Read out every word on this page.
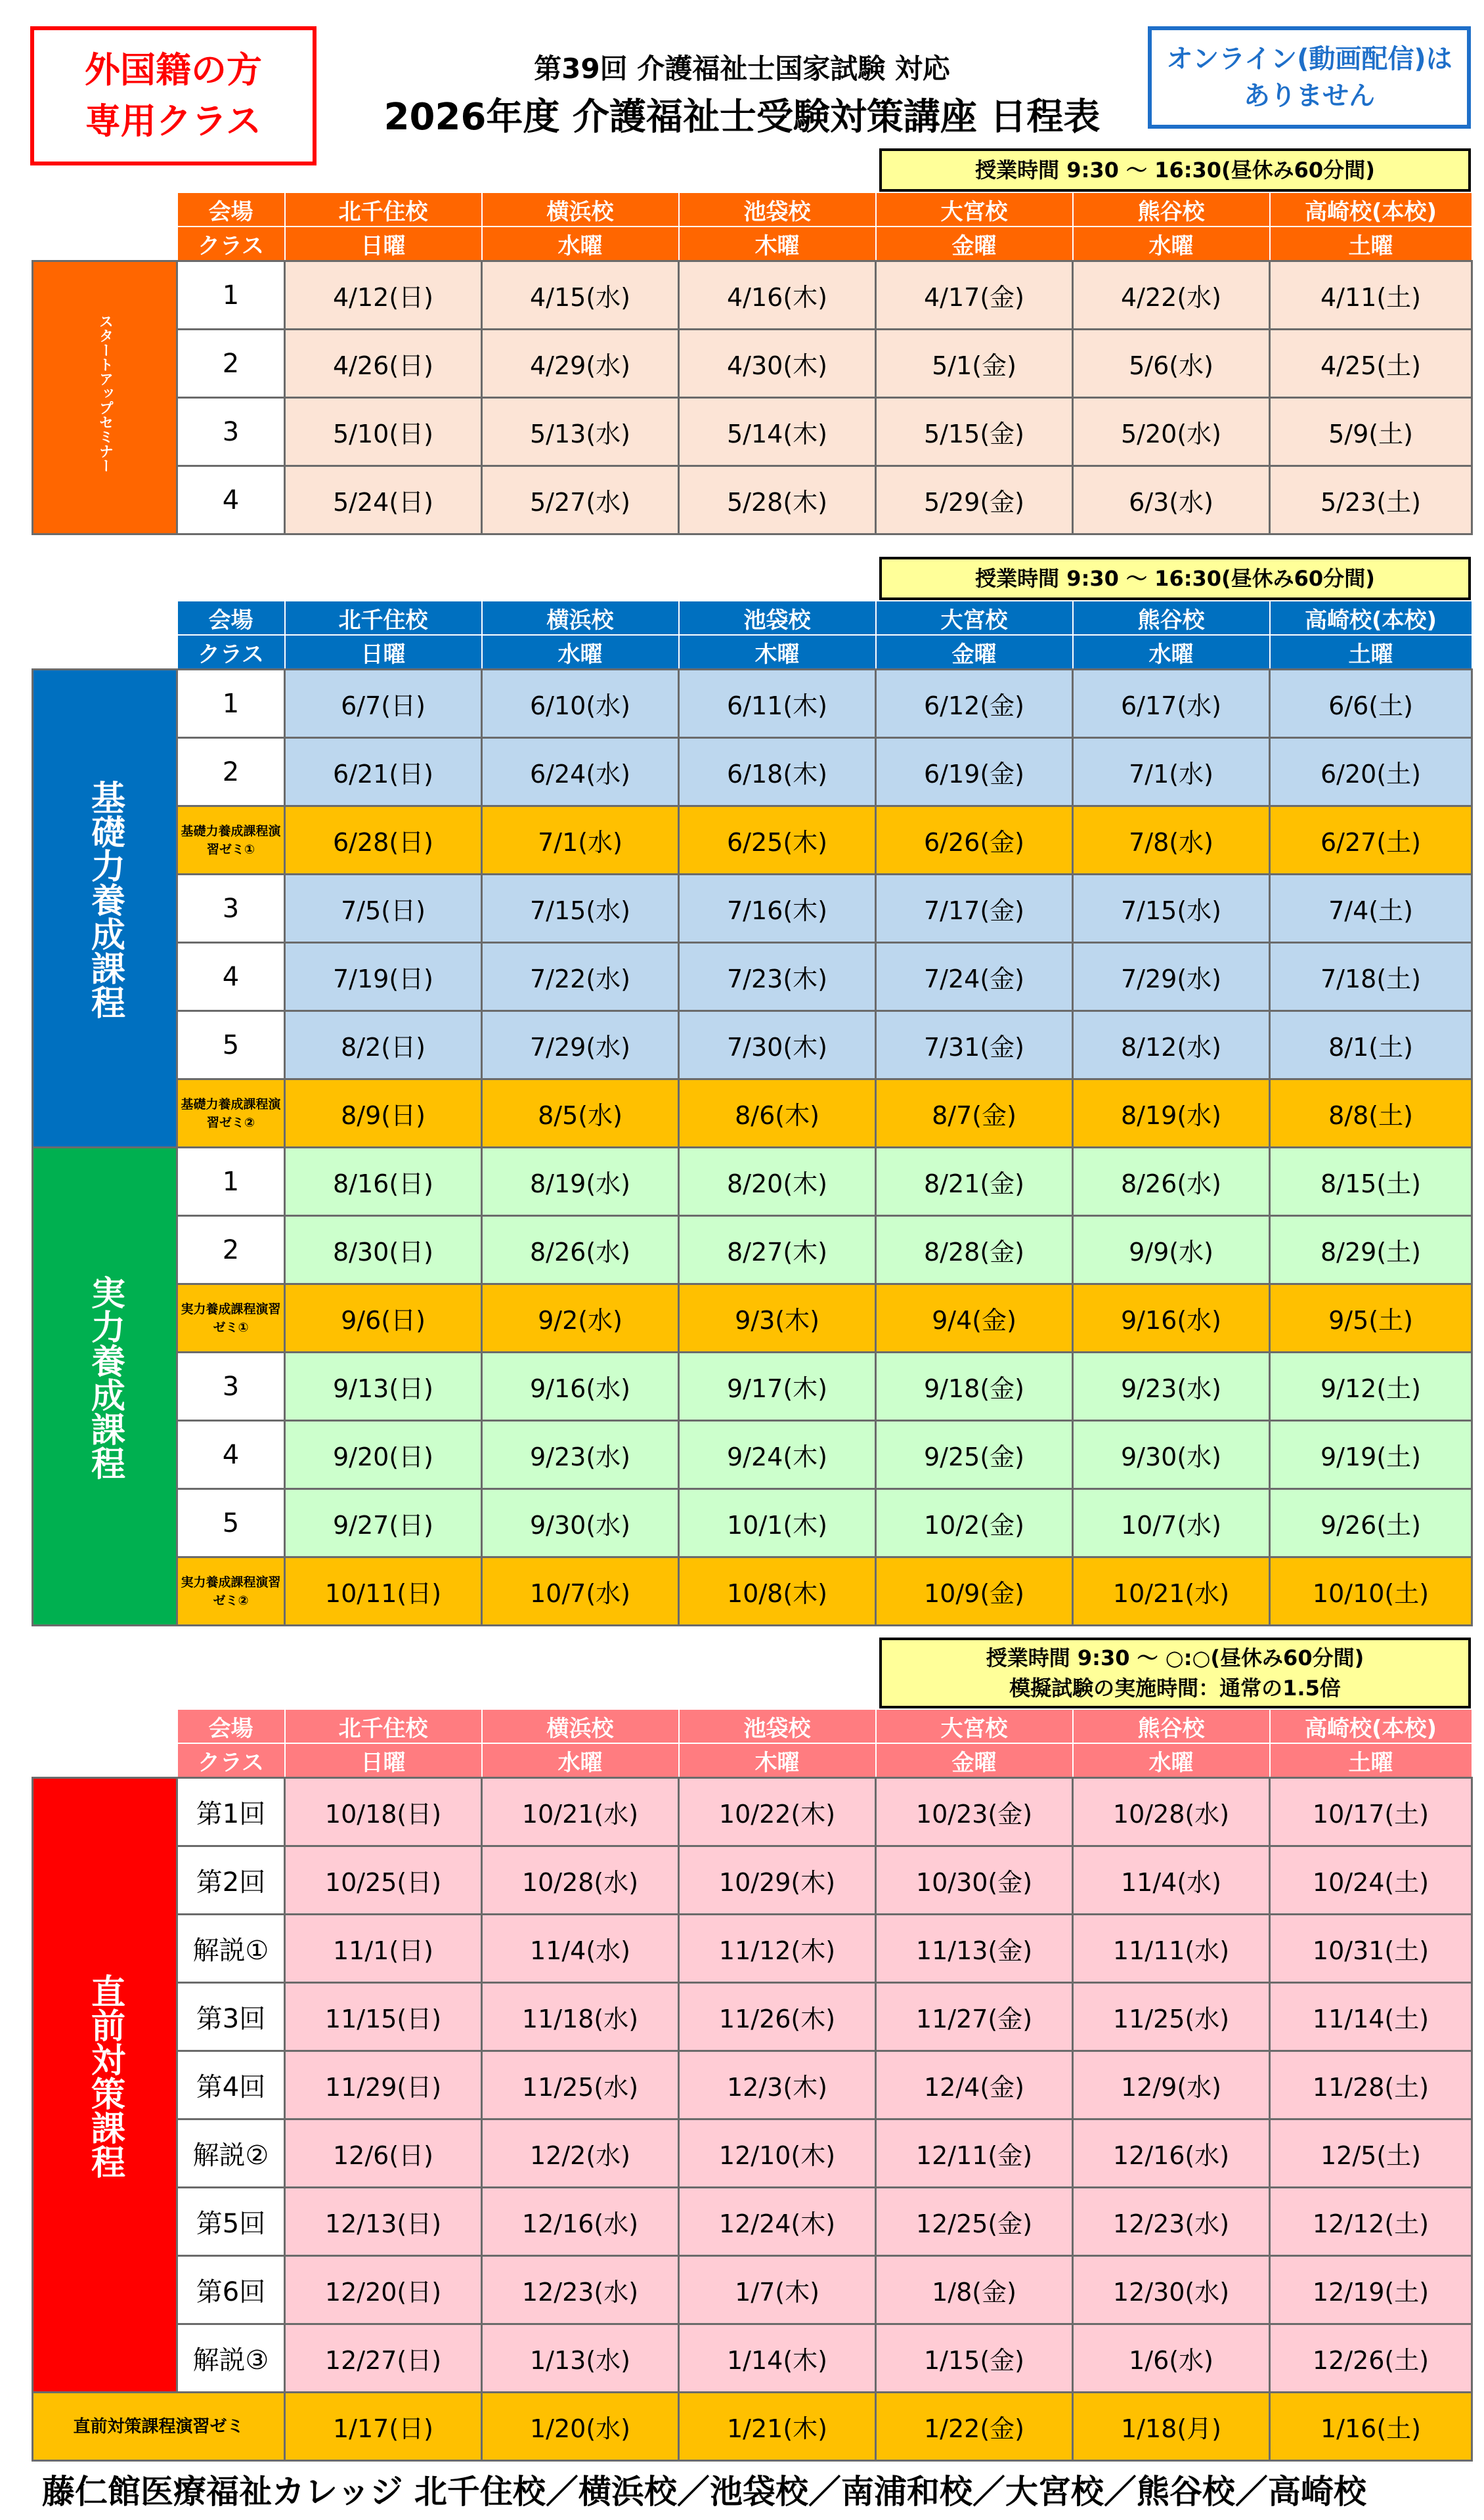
外国籍の方
専用クラス
第39回 介護福祉士国家試験 対応
2026年度 介護福祉士受験対策講座 日程表
オンライン(動画配信)は
ありません
授業時間 9:30 ～ 16:30(昼休み60分間)
	会場	北千住校	横浜校	池袋校	大宮校	熊谷校	高崎校(本校)
	クラス	日曜	水曜	木曜	金曜	水曜	土曜
スタートアップセミナー	1	4/12(日)	4/15(水)	4/16(木)	4/17(金)	4/22(水)	4/11(土)
	2	4/26(日)	4/29(水)	4/30(木)	5/1(金)	5/6(水)	4/25(土)
	3	5/10(日)	5/13(水)	5/14(木)	5/15(金)	5/20(水)	5/9(土)
	4	5/24(日)	5/27(水)	5/28(木)	5/29(金)	6/3(水)	5/23(土)
授業時間 9:30 ～ 16:30(昼休み60分間)
	会場	北千住校	横浜校	池袋校	大宮校	熊谷校	高崎校(本校)
	クラス	日曜	水曜	木曜	金曜	水曜	土曜
基礎力養成課程	1	6/7(日)	6/10(水)	6/11(木)	6/12(金)	6/17(水)	6/6(土)
	2	6/21(日)	6/24(水)	6/18(木)	6/19(金)	7/1(水)	6/20(土)
	基礎力養成課程演習ゼミ①	6/28(日)	7/1(水)	6/25(木)	6/26(金)	7/8(水)	6/27(土)
	3	7/5(日)	7/15(水)	7/16(木)	7/17(金)	7/15(水)	7/4(土)
	4	7/19(日)	7/22(水)	7/23(木)	7/24(金)	7/29(水)	7/18(土)
	5	8/2(日)	7/29(水)	7/30(木)	7/31(金)	8/12(水)	8/1(土)
	基礎力養成課程演習ゼミ②	8/9(日)	8/5(水)	8/6(木)	8/7(金)	8/19(水)	8/8(土)
実力養成課程	1	8/16(日)	8/19(水)	8/20(木)	8/21(金)	8/26(水)	8/15(土)
	2	8/30(日)	8/26(水)	8/27(木)	8/28(金)	9/9(水)	8/29(土)
	実力養成課程演習ゼミ①	9/6(日)	9/2(水)	9/3(木)	9/4(金)	9/16(水)	9/5(土)
	3	9/13(日)	9/16(水)	9/17(木)	9/18(金)	9/23(水)	9/12(土)
	4	9/20(日)	9/23(水)	9/24(木)	9/25(金)	9/30(水)	9/19(土)
	5	9/27(日)	9/30(水)	10/1(木)	10/2(金)	10/7(水)	9/26(土)
	実力養成課程演習ゼミ②	10/11(日)	10/7(水)	10/8(木)	10/9(金)	10/21(水)	10/10(土)
授業時間 9:30 ～ ○:○(昼休み60分間)
模擬試験の実施時間：通常の1.5倍
	会場	北千住校	横浜校	池袋校	大宮校	熊谷校	高崎校(本校)
	クラス	日曜	水曜	木曜	金曜	水曜	土曜
直前対策課程	第1回	10/18(日)	10/21(水)	10/22(木)	10/23(金)	10/28(水)	10/17(土)
	第2回	10/25(日)	10/28(水)	10/29(木)	10/30(金)	11/4(水)	10/24(土)
	解説①	11/1(日)	11/4(水)	11/12(木)	11/13(金)	11/11(水)	10/31(土)
	第3回	11/15(日)	11/18(水)	11/26(木)	11/27(金)	11/25(水)	11/14(土)
	第4回	11/29(日)	11/25(水)	12/3(木)	12/4(金)	12/9(水)	11/28(土)
	解説②	12/6(日)	12/2(水)	12/10(木)	12/11(金)	12/16(水)	12/5(土)
	第5回	12/13(日)	12/16(水)	12/24(木)	12/25(金)	12/23(水)	12/12(土)
	第6回	12/20(日)	12/23(水)	1/7(木)	1/8(金)	12/30(水)	12/19(土)
	解説③	12/27(日)	1/13(水)	1/14(木)	1/15(金)	1/6(水)	12/26(土)
直前対策課程演習ゼミ		1/17(日)	1/20(水)	1/21(木)	1/22(金)	1/18(月)	1/16(土)
藤仁館医療福祉カレッジ 北千住校／横浜校／池袋校／南浦和校／大宮校／熊谷校／高崎校
